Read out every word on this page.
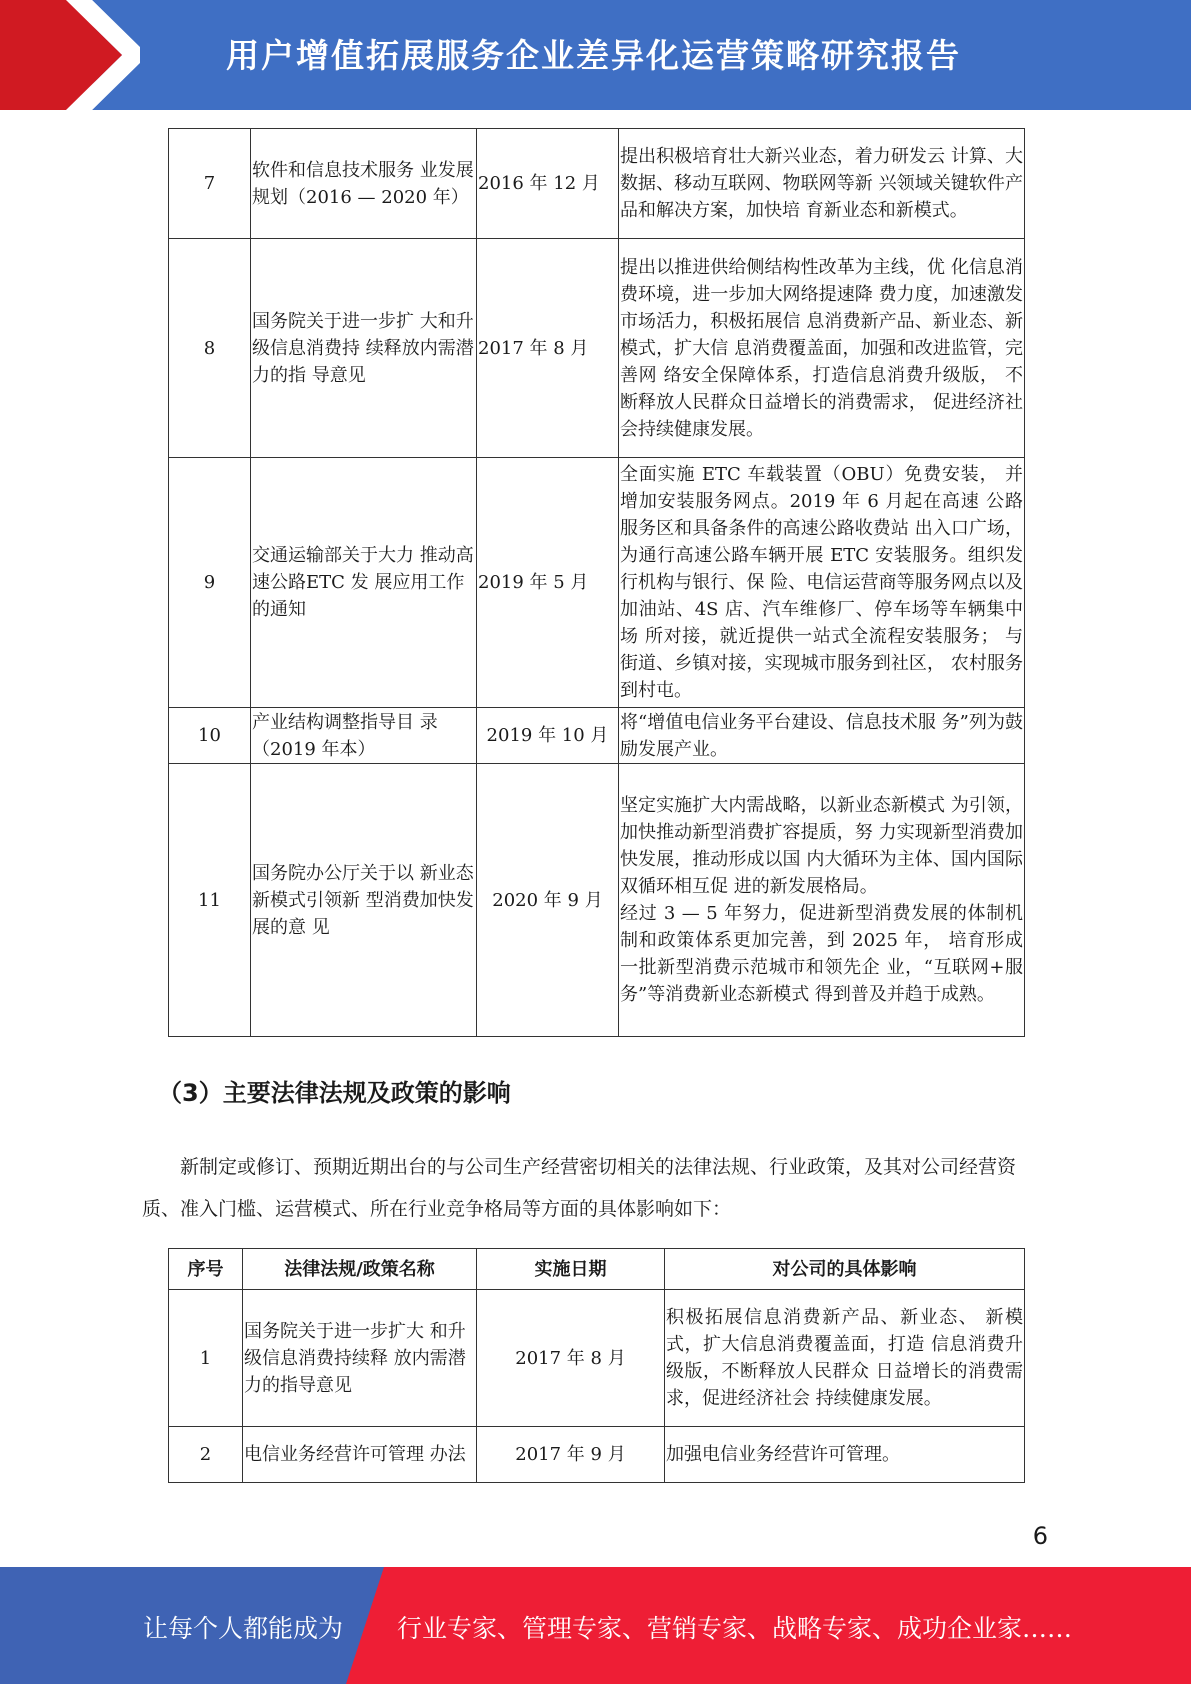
用户增值拓展服务企业差异化运营策略研究报告
7	软件和信息技术服务 业发展规划（2016 — 2020 年）	2016 年 12 月	提出积极培育壮大新兴业态，着力研发云 计算、大数据、移动互联网、物联网等新 兴领域关键软件产品和解决方案，加快培 育新业态和新模式。
8	国务院关于进一步扩 大和升级信息消费持 续释放内需潜力的指 导意见	2017 年 8 月	提出以推进供给侧结构性改革为主线，优 化信息消费环境，进一步加大网络提速降 费力度，加速激发市场活力，积极拓展信 息消费新产品、新业态、新模式，扩大信 息消费覆盖面，加强和改进监管，完善网 络安全保障体系，打造信息消费升级版， 不断释放人民群众日益增长的消费需求， 促进经济社会持续健康发展。
9	交通运输部关于大力 推动高速公路ETC 发 展应用工作的通知	2019 年 5 月	全面实施 ETC 车载装置（OBU）免费安装， 并增加安装服务网点。2019 年 6 月起在高速 公路服务区和具备条件的高速公路收费站 出入口广场，为通行高速公路车辆开展 ETC 安装服务。组织发行机构与银行、保 险、电信运营商等服务网点以及加油站、4S 店、汽车维修厂、停车场等车辆集中场 所对接，就近提供一站式全流程安装服务； 与街道、乡镇对接，实现城市服务到社区， 农村服务到村屯。
10	产业结构调整指导目 录（2019 年本）	2019 年 10 月	将“增值电信业务平台建设、信息技术服 务”列为鼓励发展产业。
11	国务院办公厅关于以 新业态新模式引领新 型消费加快发展的意 见	2020 年 9 月	坚定实施扩大内需战略，以新业态新模式 为引领，加快推动新型消费扩容提质，努 力实现新型消费加快发展，推动形成以国 内大循环为主体、国内国际双循环相互促 进的新发展格局。
经过 3 — 5 年努力，促进新型消费发展的体制机制和政策体系更加完善，到 2025 年， 培育形成一批新型消费示范城市和领先企 业，“互联网+服务”等消费新业态新模式 得到普及并趋于成熟。
（3）主要法律法规及政策的影响
新制定或修订、预期近期出台的与公司生产经营密切相关的法律法规、行业政策，及其对公司经营资质、准入门槛、运营模式、所在行业竞争格局等方面的具体影响如下：
序号	法律法规/政策名称	实施日期	对公司的具体影响
1	国务院关于进一步扩大 和升级信息消费持续释 放内需潜力的指导意见	2017 年 8 月	积极拓展信息消费新产品、新业态、 新模式，扩大信息消费覆盖面，打造 信息消费升级版，不断释放人民群众 日益增长的消费需求，促进经济社会 持续健康发展。
2	电信业务经营许可管理 办法	2017 年 9 月	加强电信业务经营许可管理。
6
让每个人都能成为 行业专家、管理专家、营销专家、战略专家、成功企业家……
